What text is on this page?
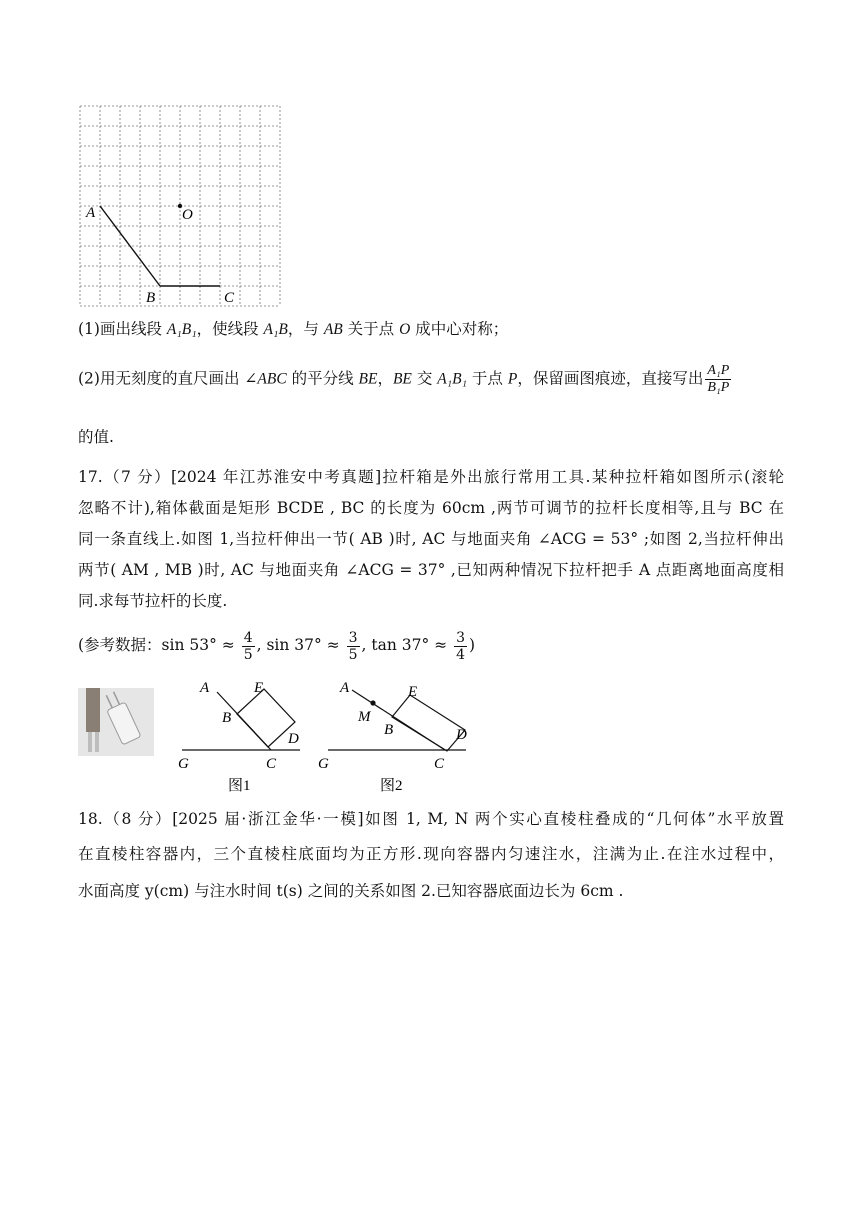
A	O
B	C
(1)画出线段 A₁B₁，使线段 A₁B，与 AB 关于点 O 成中心对称；
(2)用无刻度的直尺画出 ∠ABC 的平分线 BE，BE 交 A₁B₁ 于点 P，保留画图痕迹，直接写出 $\frac{\text{A₁P}}{\text{B₁P}}$
的值.
17.（7 分）[2024 年江苏淮安中考真题]拉杆箱是外出旅行常用工具.某种拉杆箱如图所示(滚轮
忽略不计),箱体截面是矩形 BCDE , BC 的长度为 60cm ,两节可调节的拉杆长度相等,且与 BC 在
同一条直线上.如图 1,当拉杆伸出一节( AB )时, AC 与地面夹角 ∠ACG = 53° ;如图 2,当拉杆伸出
两节( AM , MB )时, AC 与地面夹角 ∠ACG = 37° ,已知两种情况下拉杆把手 A 点距离地面高度相
同.求每节拉杆的长度.
(参考数据：$\sin 53^\circ \approx \frac{4}{5}$ , $\sin 37^\circ \approx \frac{3}{5}$ , $\tan 37^\circ \approx \frac{3}{4}$ )
A	E
B
D
G	C
图1
A
M
B
E
D
G	C
图2
18.（8 分）[2025 届·浙江金华·一模]如图 1, M, N 两个实心直棱柱叠成的“几何体”水平放置
在直棱柱容器内，三个直棱柱底面均为正方形.现向容器内匀速注水，注满为止.在注水过程中，
水面高度 y(cm) 与注水时间 t(s) 之间的关系如图 2.已知容器底面边长为 6cm .
